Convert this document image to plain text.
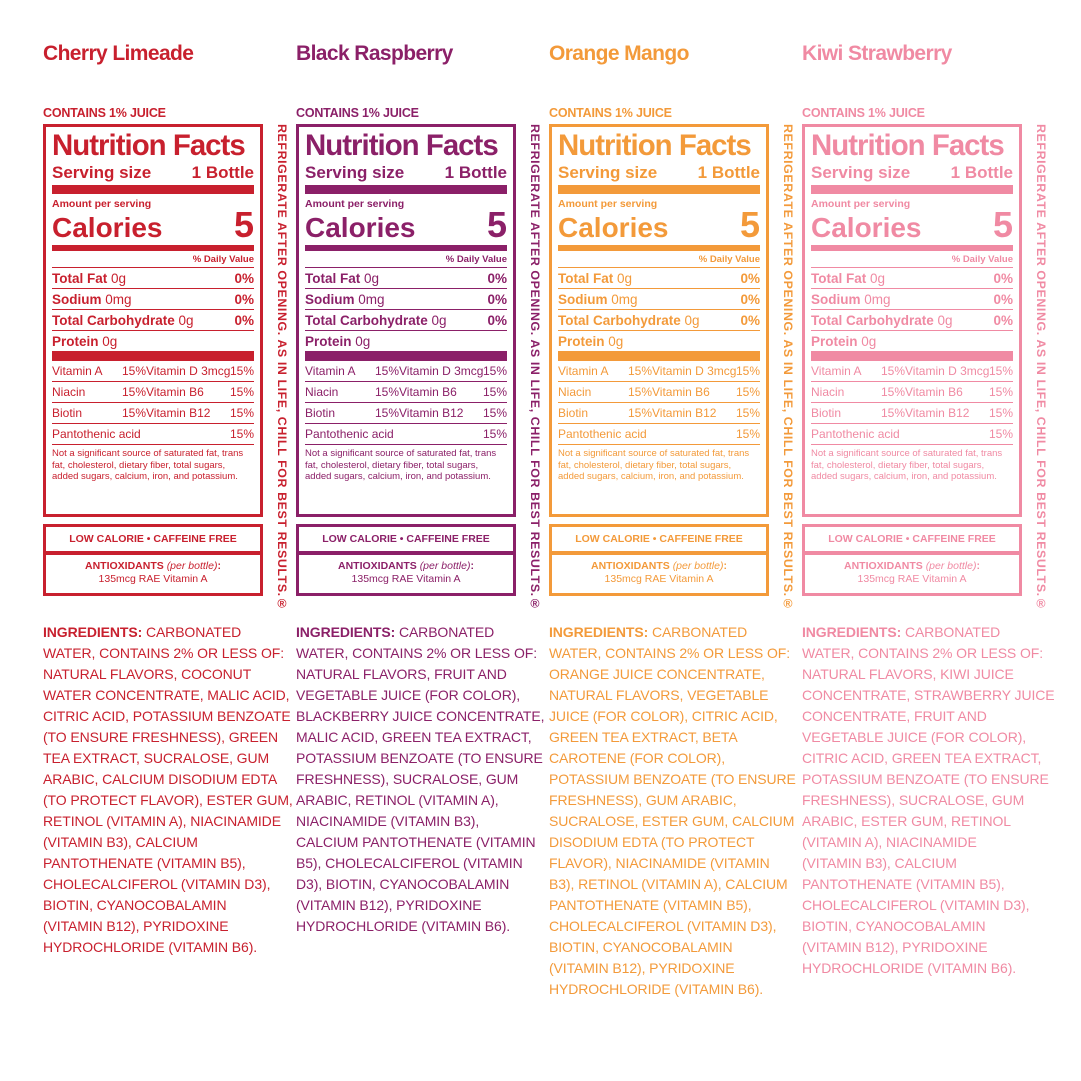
Cherry Limeade
CONTAINS 1% JUICE
Nutrition Facts
Serving size 1 Bottle
Amount per serving
Calories 5
% Daily Value
Total Fat 0g	0%
Sodium 0mg	0%
Total Carbohydrate 0g	0%
Protein 0g
Vitamin A	15% Vitamin D 3mcg 15%
Niacin	15% Vitamin B6	15%
Biotin	15% Vitamin B12	15%
Pantothenic acid	15%
Not a significant source of saturated fat, trans fat, cholesterol, dietary fiber, total sugars, added sugars, calcium, iron, and potassium.	REFRIGERATE AFTER OPENING. AS IN LIFE, CHILL FOR BEST RESULTS.®
LOW CALORIE • CAFFEINE FREE
ANTIOXIDANTS (per bottle):
135mcg RAE Vitamin A
INGREDIENTS: CARBONATED
WATER, CONTAINS 2% OR LESS OF:
NATURAL FLAVORS, COCONUT
WATER CONCENTRATE, MALIC ACID,
CITRIC ACID, POTASSIUM BENZOATE
(TO ENSURE FRESHNESS), GREEN
TEA EXTRACT, SUCRALOSE, GUM
ARABIC, CALCIUM DISODIUM EDTA
(TO PROTECT FLAVOR), ESTER GUM,
RETINOL (VITAMIN A), NIACINAMIDE
(VITAMIN B3), CALCIUM
PANTOTHENATE (VITAMIN B5),
CHOLECALCIFEROL (VITAMIN D3),
BIOTIN, CYANOCOBALAMIN
(VITAMIN B12), PYRIDOXINE
HYDROCHLORIDE (VITAMIN B6).
Black Raspberry
CONTAINS 1% JUICE
Nutrition Facts
Serving size 1 Bottle
Amount per serving
Calories 5
% Daily Value
Total Fat 0g	0%
Sodium 0mg	0%
Total Carbohydrate 0g	0%
Protein 0g
Vitamin A	15% Vitamin D 3mcg 15%
Niacin	15% Vitamin B6	15%
Biotin	15% Vitamin B12	15%
Pantothenic acid	15%
Not a significant source of saturated fat, trans fat, cholesterol, dietary fiber, total sugars, added sugars, calcium, iron, and potassium.	REFRIGERATE AFTER OPENING. AS IN LIFE, CHILL FOR BEST RESULTS.®
LOW CALORIE • CAFFEINE FREE
ANTIOXIDANTS (per bottle):
135mcg RAE Vitamin A
INGREDIENTS: CARBONATED
WATER, CONTAINS 2% OR LESS OF:
NATURAL FLAVORS, FRUIT AND
VEGETABLE JUICE (FOR COLOR),
BLACKBERRY JUICE CONCENTRATE,
MALIC ACID, GREEN TEA EXTRACT,
POTASSIUM BENZOATE (TO ENSURE
FRESHNESS), SUCRALOSE, GUM
ARABIC, RETINOL (VITAMIN A),
NIACINAMIDE (VITAMIN B3),
CALCIUM PANTOTHENATE (VITAMIN
B5), CHOLECALCIFEROL (VITAMIN
D3), BIOTIN, CYANOCOBALAMIN
(VITAMIN B12), PYRIDOXINE
HYDROCHLORIDE (VITAMIN B6).
Orange Mango
CONTAINS 1% JUICE
Nutrition Facts
Serving size 1 Bottle
Amount per serving
Calories 5
% Daily Value
Total Fat 0g	0%
Sodium 0mg	0%
Total Carbohydrate 0g	0%
Protein 0g
Vitamin A	15% Vitamin D 3mcg 15%
Niacin	15% Vitamin B6	15%
Biotin	15% Vitamin B12	15%
Pantothenic acid	15%
Not a significant source of saturated fat, trans fat, cholesterol, dietary fiber, total sugars, added sugars, calcium, iron, and potassium.	REFRIGERATE AFTER OPENING. AS IN LIFE, CHILL FOR BEST RESULTS.®
LOW CALORIE • CAFFEINE FREE
ANTIOXIDANTS (per bottle):
135mcg RAE Vitamin A
INGREDIENTS: CARBONATED
WATER, CONTAINS 2% OR LESS OF:
ORANGE JUICE CONCENTRATE,
NATURAL FLAVORS, VEGETABLE
JUICE (FOR COLOR), CITRIC ACID,
GREEN TEA EXTRACT, BETA
CAROTENE (FOR COLOR),
POTASSIUM BENZOATE (TO ENSURE
FRESHNESS), GUM ARABIC,
SUCRALOSE, ESTER GUM, CALCIUM
DISODIUM EDTA (TO PROTECT
FLAVOR), NIACINAMIDE (VITAMIN
B3), RETINOL (VITAMIN A), CALCIUM
PANTOTHENATE (VITAMIN B5),
CHOLECALCIFEROL (VITAMIN D3),
BIOTIN, CYANOCOBALAMIN
(VITAMIN B12), PYRIDOXINE
HYDROCHLORIDE (VITAMIN B6).
Kiwi Strawberry
CONTAINS 1% JUICE
Nutrition Facts
Serving size 1 Bottle
Amount per serving
Calories 5
% Daily Value
Total Fat 0g	0%
Sodium 0mg	0%
Total Carbohydrate 0g	0%
Protein 0g
Vitamin A	15% Vitamin D 3mcg 15%
Niacin	15% Vitamin B6	15%
Biotin	15% Vitamin B12	15%
Pantothenic acid	15%
Not a significant source of saturated fat, trans fat, cholesterol, dietary fiber, total sugars, added sugars, calcium, iron, and potassium.	REFRIGERATE AFTER OPENING. AS IN LIFE, CHILL FOR BEST RESULTS.®
LOW CALORIE • CAFFEINE FREE
ANTIOXIDANTS (per bottle):
135mcg RAE Vitamin A
INGREDIENTS: CARBONATED
WATER, CONTAINS 2% OR LESS OF:
NATURAL FLAVORS, KIWI JUICE
CONCENTRATE, STRAWBERRY JUICE
CONCENTRATE, FRUIT AND
VEGETABLE JUICE (FOR COLOR),
CITRIC ACID, GREEN TEA EXTRACT,
POTASSIUM BENZOATE (TO ENSURE
FRESHNESS), SUCRALOSE, GUM
ARABIC, ESTER GUM, RETINOL
(VITAMIN A), NIACINAMIDE
(VITAMIN B3), CALCIUM
PANTOTHENATE (VITAMIN B5),
CHOLECALCIFEROL (VITAMIN D3),
BIOTIN, CYANOCOBALAMIN
(VITAMIN B12), PYRIDOXINE
HYDROCHLORIDE (VITAMIN B6).
